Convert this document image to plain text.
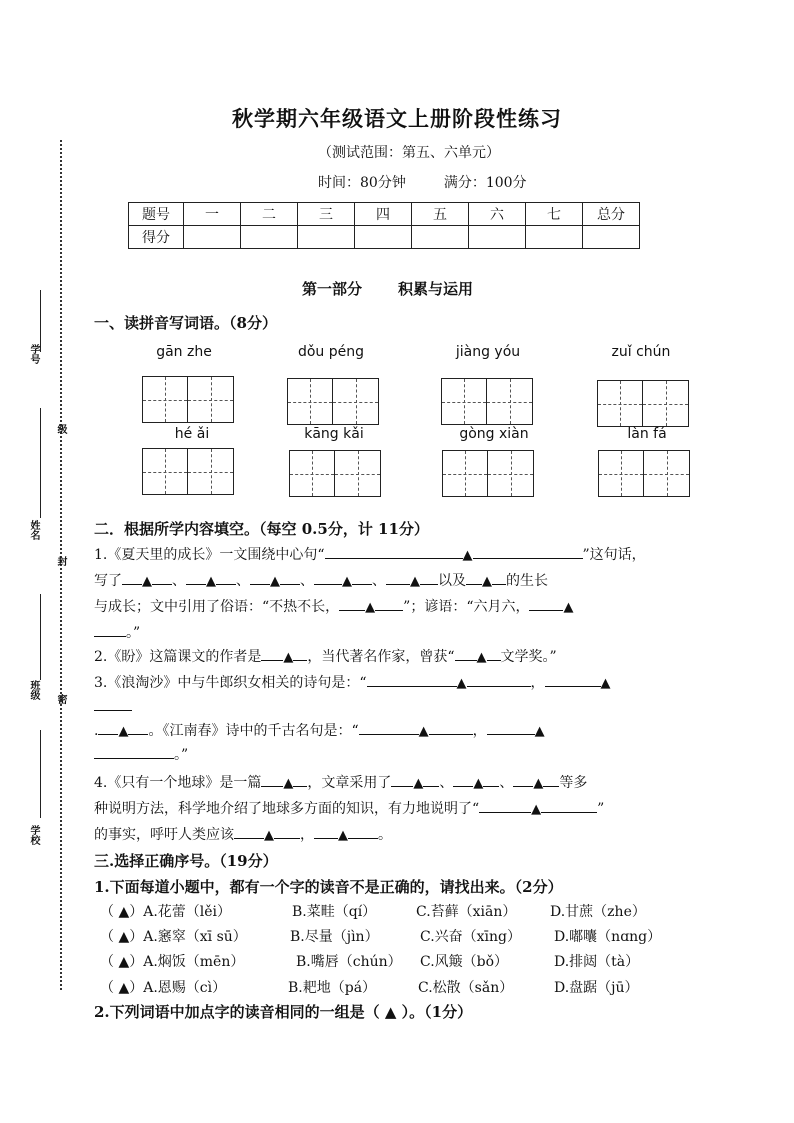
学号
级
姓名
封
班级 密
学校
秋学期六年级语文上册阶段性练习
（测试范围：第五、六单元）
时间：80分钟	满分：100分
题号	一	二	三	四	五	六	七	总分
得分								
第一部分 积累与运用
一、读拼音写词语。（8分）
gān zhe	dǒu péng	jiàng yóu	zuǐ chún
hé ǎi	kāng kǎi	gòng xiàn	làn fá
二．根据所学内容填空。（每空 0.5分，计 11分）
1.《夏天里的成长》一文围绕中心句“	▲	”这句话，
写了 ▲ 、 ▲ 、 ▲ 、 ▲ 、 ▲ 以及 ▲ 的生长
与成长；文中引用了俗语：“不热不长， ▲ ”；谚语：“六月六，	▲
。”
2.《盼》这篇课文的作者是 ▲ ，当代著名作家，曾获“ ▲ 文学奖。”
3.《浪淘沙》中与牛郎织女相关的诗句是：“	▲	，	▲
. ▲ 。《江南春》诗中的千古名句是：“	▲	，	▲
。”
4.《只有一个地球》是一篇 ▲ ，文章采用了 ▲ 、 ▲ 、 ▲ 等多
种说明方法，科学地介绍了地球多方面的知识，有力地说明了“	▲	”
的事实，呼吁人类应该 ▲ ， ▲ 。
三.选择正确序号。（19分）
1.下面每道小题中，都有一个字的读音不是正确的，请找出来。（2分）
（ ▲）A.花蕾（lěi）	B.菜畦（qí）	C.苔藓（xiān） D.甘蔗（zhe）
（ ▲）A.窸窣（xī sū）	B.尽量（jìn）	C.兴奋（xīng） D.嘟囔（nɑng）
（ ▲）A.焖饭（mēn）	B.嘴唇（chún） C.风簸（bǒ）	D.排闼（tà）
（ ▲）A.恩赐（cì）	B.耙地（pá）	C.松散（sǎn）	D.盘踞（jū）
2.下列词语中加点字的读音相同的一组是（ ▲ ）。（1分）
